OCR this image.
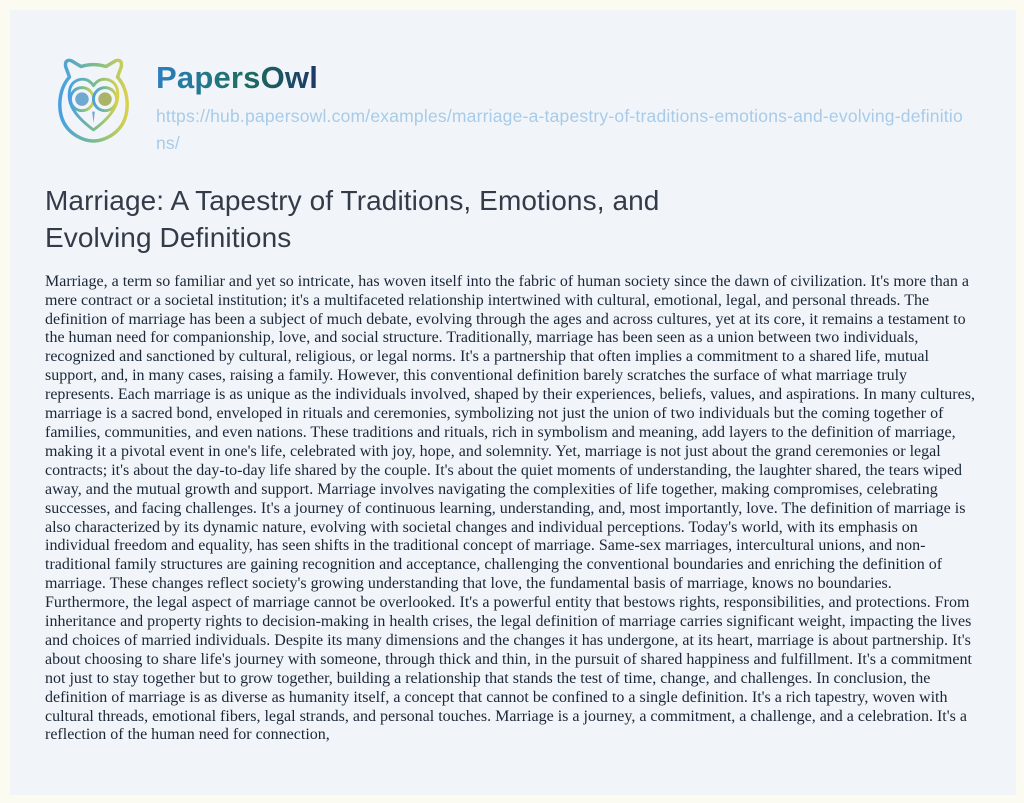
PapersOwl
https://hub.papersowl.com/examples/marriage-a-tapestry-of-traditions-emotions-and-evolving-definitions/
Marriage: A Tapestry of Traditions, Emotions, and Evolving Definitions

Marriage, a term so familiar and yet so intricate, has woven itself into the fabric of human society since the dawn of civilization. It's more than a mere contract or a societal institution; it's a multifaceted relationship intertwined with cultural, emotional, legal, and personal threads. The definition of marriage has been a subject of much debate, evolving through the ages and across cultures, yet at its core, it remains a testament to the human need for companionship, love, and social structure. Traditionally, marriage has been seen as a union between two individuals, recognized and sanctioned by cultural, religious, or legal norms. It's a partnership that often implies a commitment to a shared life, mutual support, and, in many cases, raising a family. However, this conventional definition barely scratches the surface of what marriage truly represents. Each marriage is as unique as the individuals involved, shaped by their experiences, beliefs, values, and aspirations. In many cultures, marriage is a sacred bond, enveloped in rituals and ceremonies, symbolizing not just the union of two individuals but the coming together of families, communities, and even nations. These traditions and rituals, rich in symbolism and meaning, add layers to the definition of marriage, making it a pivotal event in one's life, celebrated with joy, hope, and solemnity. Yet, marriage is not just about the grand ceremonies or legal contracts; it's about the day-to-day life shared by the couple. It's about the quiet moments of understanding, the laughter shared, the tears wiped away, and the mutual growth and support. Marriage involves navigating the complexities of life together, making compromises, celebrating successes, and facing challenges. It's a journey of continuous learning, understanding, and, most importantly, love. The definition of marriage is also characterized by its dynamic nature, evolving with societal changes and individual perceptions. Today's world, with its emphasis on individual freedom and equality, has seen shifts in the traditional concept of marriage. Same-sex marriages, intercultural unions, and non-traditional family structures are gaining recognition and acceptance, challenging the conventional boundaries and enriching the definition of marriage. These changes reflect society's growing understanding that love, the fundamental basis of marriage, knows no boundaries. Furthermore, the legal aspect of marriage cannot be overlooked. It's a powerful entity that bestows rights, responsibilities, and protections. From inheritance and property rights to decision-making in health crises, the legal definition of marriage carries significant weight, impacting the lives and choices of married individuals. Despite its many dimensions and the changes it has undergone, at its heart, marriage is about partnership. It's about choosing to share life's journey with someone, through thick and thin, in the pursuit of shared happiness and fulfillment. It's a commitment not just to stay together but to grow together, building a relationship that stands the test of time, change, and challenges. In conclusion, the definition of marriage is as diverse as humanity itself, a concept that cannot be confined to a single definition. It's a rich tapestry, woven with cultural threads, emotional fibers, legal strands, and personal touches. Marriage is a journey, a commitment, a challenge, and a celebration. It's a reflection of the human need for connection,
